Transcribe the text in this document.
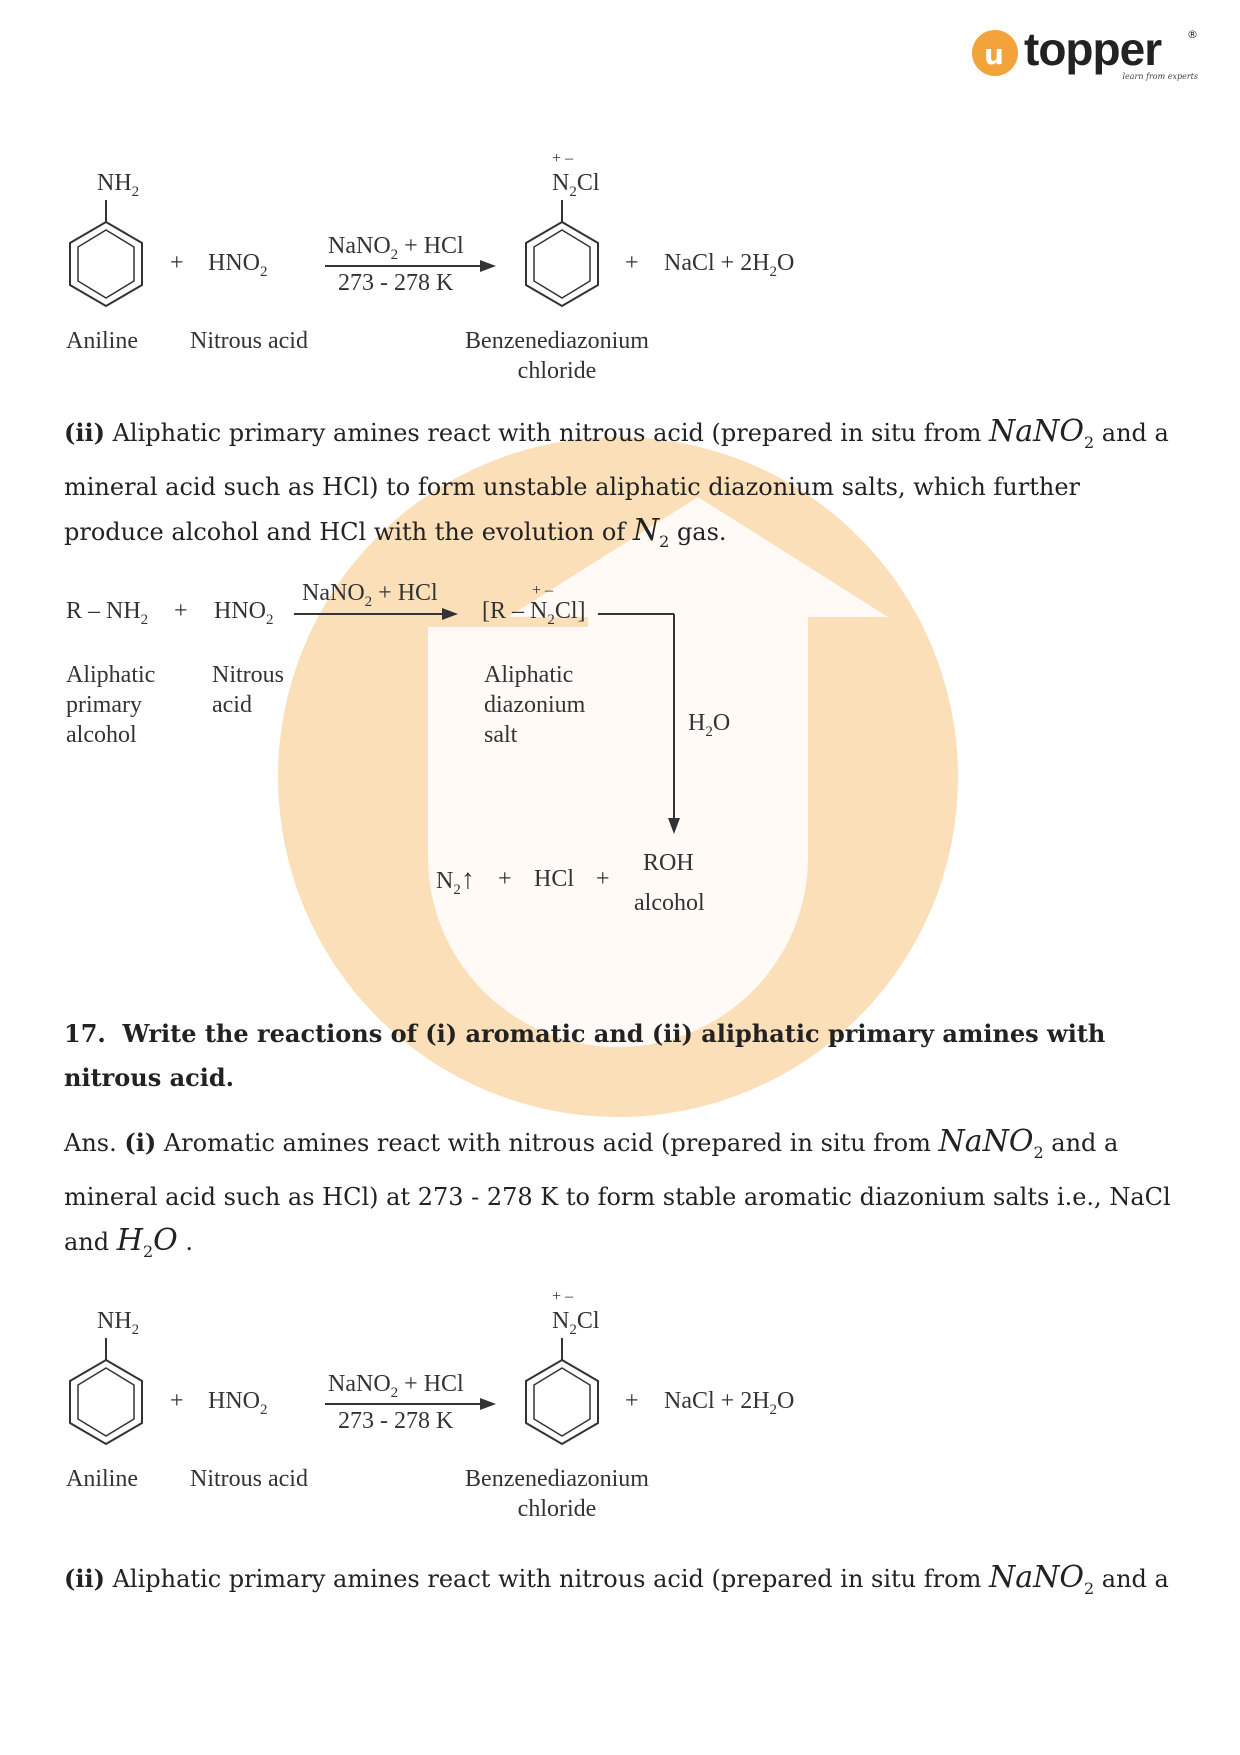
u topper ®
learn from experts
$NH_2$
+ $HNO_2$
NaNO$_2$ + HCl
273 - 278 K
+ –
$N_2Cl$
+ NaCl + $2H_2O$
Aniline Nitrous acid	Benzenediazonium
chloride
(ii) Aliphatic primary amines react with nitrous acid (prepared in situ from NaNO$_2$ and a mineral acid such as HCl) to form unstable aliphatic diazonium salts, which further produce alcohol and HCl with the evolution of $N_2$ gas.
$R - NH_2 + HNO_2$
NaNO$_2$ + HCl	+ –
$[R - N_2Cl]$
Aliphatic
primary
alcohol
Nitrous
acid
Aliphatic
diazonium
salt	$H_2O$
$N_2↑$ + HCl +
ROH
alcohol
17. Write the reactions of (i) aromatic and (ii) aliphatic primary amines with nitrous acid.
Ans. (i) Aromatic amines react with nitrous acid (prepared in situ from NaNO$_2$ and a mineral acid such as HCl) at 273 - 278 K to form stable aromatic diazonium salts i.e., NaCl and $H_2O$ .
$NH_2$
+ $HNO_2$
NaNO$_2$ + HCl
273 - 278 K
+ –
$N_2Cl$
+ NaCl + $2H_2O$
Aniline Nitrous acid	Benzenediazonium
chloride
(ii) Aliphatic primary amines react with nitrous acid (prepared in situ from NaNO$_2$ and a
